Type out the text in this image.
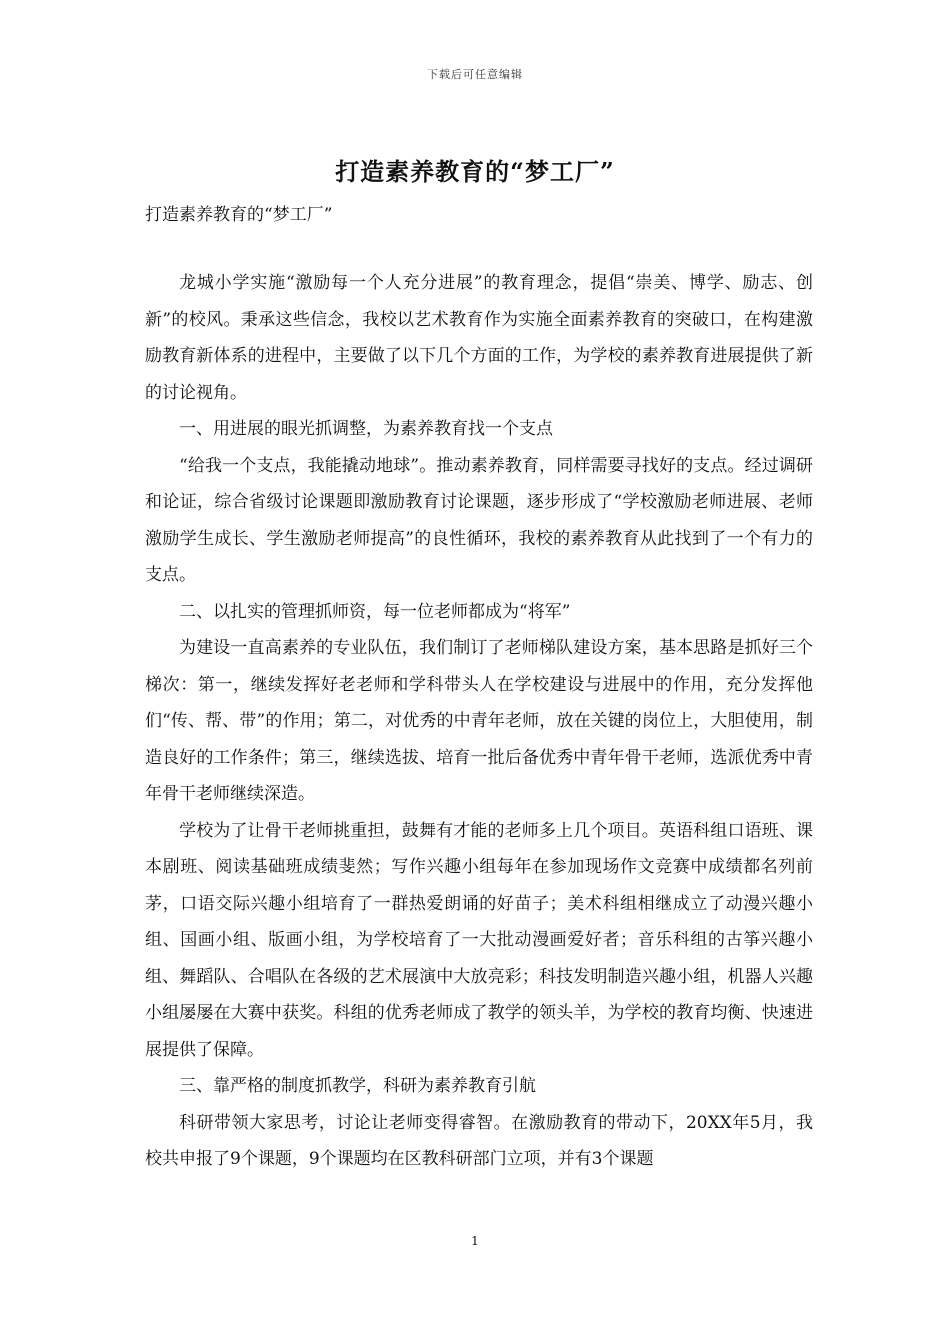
下载后可任意编辑
打造素养教育的“梦工厂”

打造素养教育的“梦工厂”

龙城小学实施“激励每一个人充分进展”的教育理念，提倡“崇美、博学、励志、创新”的校风。秉承这些信念，我校以艺术教育作为实施全面素养教育的突破口，在构建激励教育新体系的进程中，主要做了以下几个方面的工作，为学校的素养教育进展提供了新的讨论视角。

一、用进展的眼光抓调整，为素养教育找一个支点

“给我一个支点，我能撬动地球”。推动素养教育，同样需要寻找好的支点。经过调研和论证，综合省级讨论课题即激励教育讨论课题，逐步形成了“学校激励老师进展、老师激励学生成长、学生激励老师提高”的良性循环，我校的素养教育从此找到了一个有力的支点。

二、以扎实的管理抓师资，每一位老师都成为“将军”

为建设一直高素养的专业队伍，我们制订了老师梯队建设方案，基本思路是抓好三个梯次：第一，继续发挥好老老师和学科带头人在学校建设与进展中的作用，充分发挥他们“传、帮、带”的作用；第二，对优秀的中青年老师，放在关键的岗位上，大胆使用，制造良好的工作条件；第三，继续选拔、培育一批后备优秀中青年骨干老师，选派优秀中青年骨干老师继续深造。

学校为了让骨干老师挑重担，鼓舞有才能的老师多上几个项目。英语科组口语班、课本剧班、阅读基础班成绩斐然；写作兴趣小组每年在参加现场作文竞赛中成绩都名列前茅，口语交际兴趣小组培育了一群热爱朗诵的好苗子；美术科组相继成立了动漫兴趣小组、国画小组、版画小组，为学校培育了一大批动漫画爱好者；音乐科组的古筝兴趣小组、舞蹈队、合唱队在各级的艺术展演中大放亮彩；科技发明制造兴趣小组，机器人兴趣小组屡屡在大赛中获奖。科组的优秀老师成了教学的领头羊，为学校的教育均衡、快速进展提供了保障。

三、靠严格的制度抓教学，科研为素养教育引航

科研带领大家思考，讨论让老师变得睿智。在激励教育的带动下，20XX年5月，我校共申报了9个课题，9个课题均在区教科研部门立项，并有3个课题

1
